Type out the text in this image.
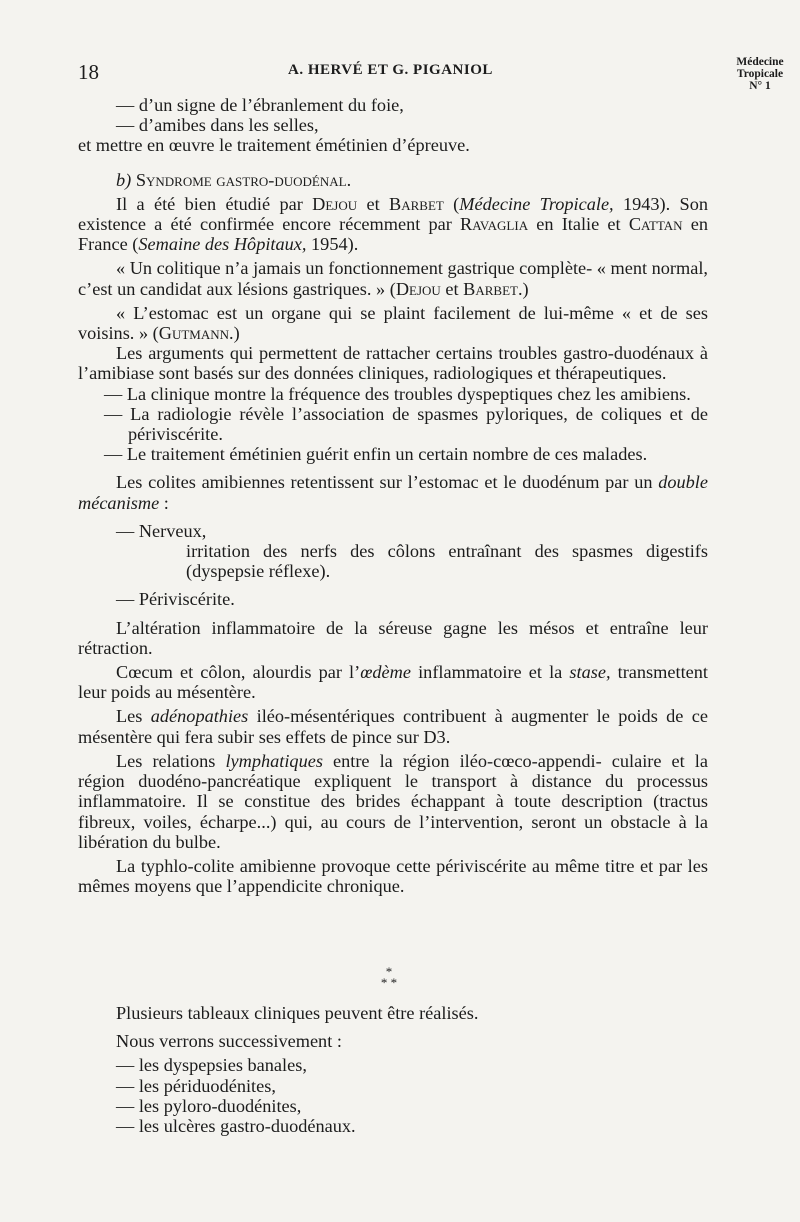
18	A. HERVÉ ET G. PIGANIOL	Médecine
Tropicale
N° 1

— d’un signe de l’ébranlement du foie,

— d’amibes dans les selles,

et mettre en œuvre le traitement émétinien d’épreuve.

b) Syndrome gastro-duodénal.

Il a été bien étudié par Dejou et Barbet (Médecine Tropicale, 1943). Son existence a été confirmée encore récemment par Ravaglia en Italie et Cattan en France (Semaine des Hôpitaux, 1954).

« Un colitique n’a jamais un fonctionnement gastrique complète- « ment normal, c’est un candidat aux lésions gastriques. » (Dejou et Barbet.)

« L’estomac est un organe qui se plaint facilement de lui-même « et de ses voisins. » (Gutmann.)

Les arguments qui permettent de rattacher certains troubles gastro-duodénaux à l’amibiase sont basés sur des données cliniques, radiologiques et thérapeutiques.

— La clinique montre la fréquence des troubles dyspeptiques chez les amibiens.

— La radiologie révèle l’association de spasmes pyloriques, de coliques et de périviscérite.

— Le traitement émétinien guérit enfin un certain nombre de ces malades.

Les colites amibiennes retentissent sur l’estomac et le duodénum par un double mécanisme :

— Nerveux,

irritation des nerfs des côlons entraînant des spasmes digestifs (dyspepsie réflexe).

— Périviscérite.

L’altération inflammatoire de la séreuse gagne les mésos et entraîne leur rétraction.

Cœcum et côlon, alourdis par l’œdème inflammatoire et la stase, transmettent leur poids au mésentère.

Les adénopathies iléo-mésentériques contribuent à augmenter le poids de ce mésentère qui fera subir ses effets de pince sur D3.

Les relations lymphatiques entre la région iléo-cœco-appendi- culaire et la région duodéno-pancréatique expliquent le transport à distance du processus inflammatoire. Il se constitue des brides échappant à toute description (tractus fibreux, voiles, écharpe...) qui, au cours de l’intervention, seront un obstacle à la libération du bulbe.

La typhlo-colite amibienne provoque cette périviscérite au même titre et par les mêmes moyens que l’appendicite chronique.

*
* *

Plusieurs tableaux cliniques peuvent être réalisés.

Nous verrons successivement :

— les dyspepsies banales,

— les périduodénites,

— les pyloro-duodénites,

— les ulcères gastro-duodénaux.
